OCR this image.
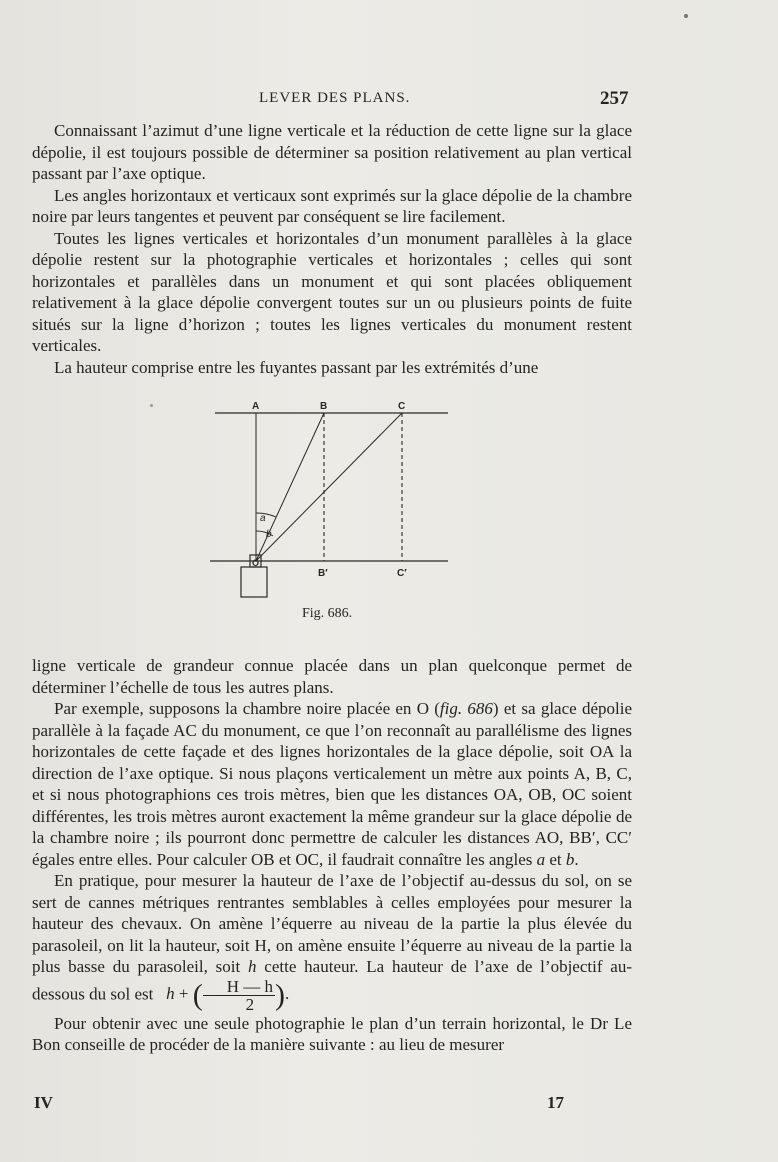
LEVER DES PLANS.	257

Connaissant l’azimut d’une ligne verticale et la réduction de cette ligne sur la glace dépolie, il est toujours possible de déterminer sa position relativement au plan vertical passant par l’axe optique.

Les angles horizontaux et verticaux sont exprimés sur la glace dépolie de la chambre noire par leurs tangentes et peuvent par conséquent se lire facilement.

Toutes les lignes verticales et horizontales d’un monument parallèles à la glace dépolie restent sur la photographie verticales et horizontales ; celles qui sont horizontales et parallèles dans un monument et qui sont placées obliquement relativement à la glace dépolie convergent toutes sur un ou plusieurs points de fuite situés sur la ligne d’horizon ; toutes les lignes verticales du monument restent verticales.

La hauteur comprise entre les fuyantes passant par les extrémités d’une

A	B	C
B′	C′
O
a
b
Fig. 686.

ligne verticale de grandeur connue placée dans un plan quelconque permet de déterminer l’échelle de tous les autres plans.

Par exemple, supposons la chambre noire placée en O (fig. 686) et sa glace dépolie parallèle à la façade AC du monument, ce que l’on reconnaît au parallélisme des lignes horizontales de cette façade et des lignes horizontales de la glace dépolie, soit OA la direction de l’axe optique. Si nous plaçons verticalement un mètre aux points A, B, C, et si nous photographions ces trois mètres, bien que les distances OA, OB, OC soient différentes, les trois mètres auront exactement la même grandeur sur la glace dépolie de la chambre noire ; ils pourront donc permettre de calculer les distances AO, BB′, CC′ égales entre elles. Pour calculer OB et OC, il faudrait connaître les angles a et b.

En pratique, pour mesurer la hauteur de l’axe de l’objectif au-dessus du sol, on se sert de cannes métriques rentrantes semblables à celles employées pour mesurer la hauteur des chevaux. On amène l’équerre au niveau de la partie la plus élevée du parasoleil, on lit la hauteur, soit H, on amène ensuite l’équerre au niveau de la partie la plus basse du parasoleil, soit h cette hauteur. La hauteur de l’axe de l’objectif au-dessous du sol est h + ( $\frac{H — h}{2}$ ).

Pour obtenir avec une seule photographie le plan d’un terrain horizontal, le Dr Le Bon conseille de procéder de la manière suivante : au lieu de mesurer

IV	17
